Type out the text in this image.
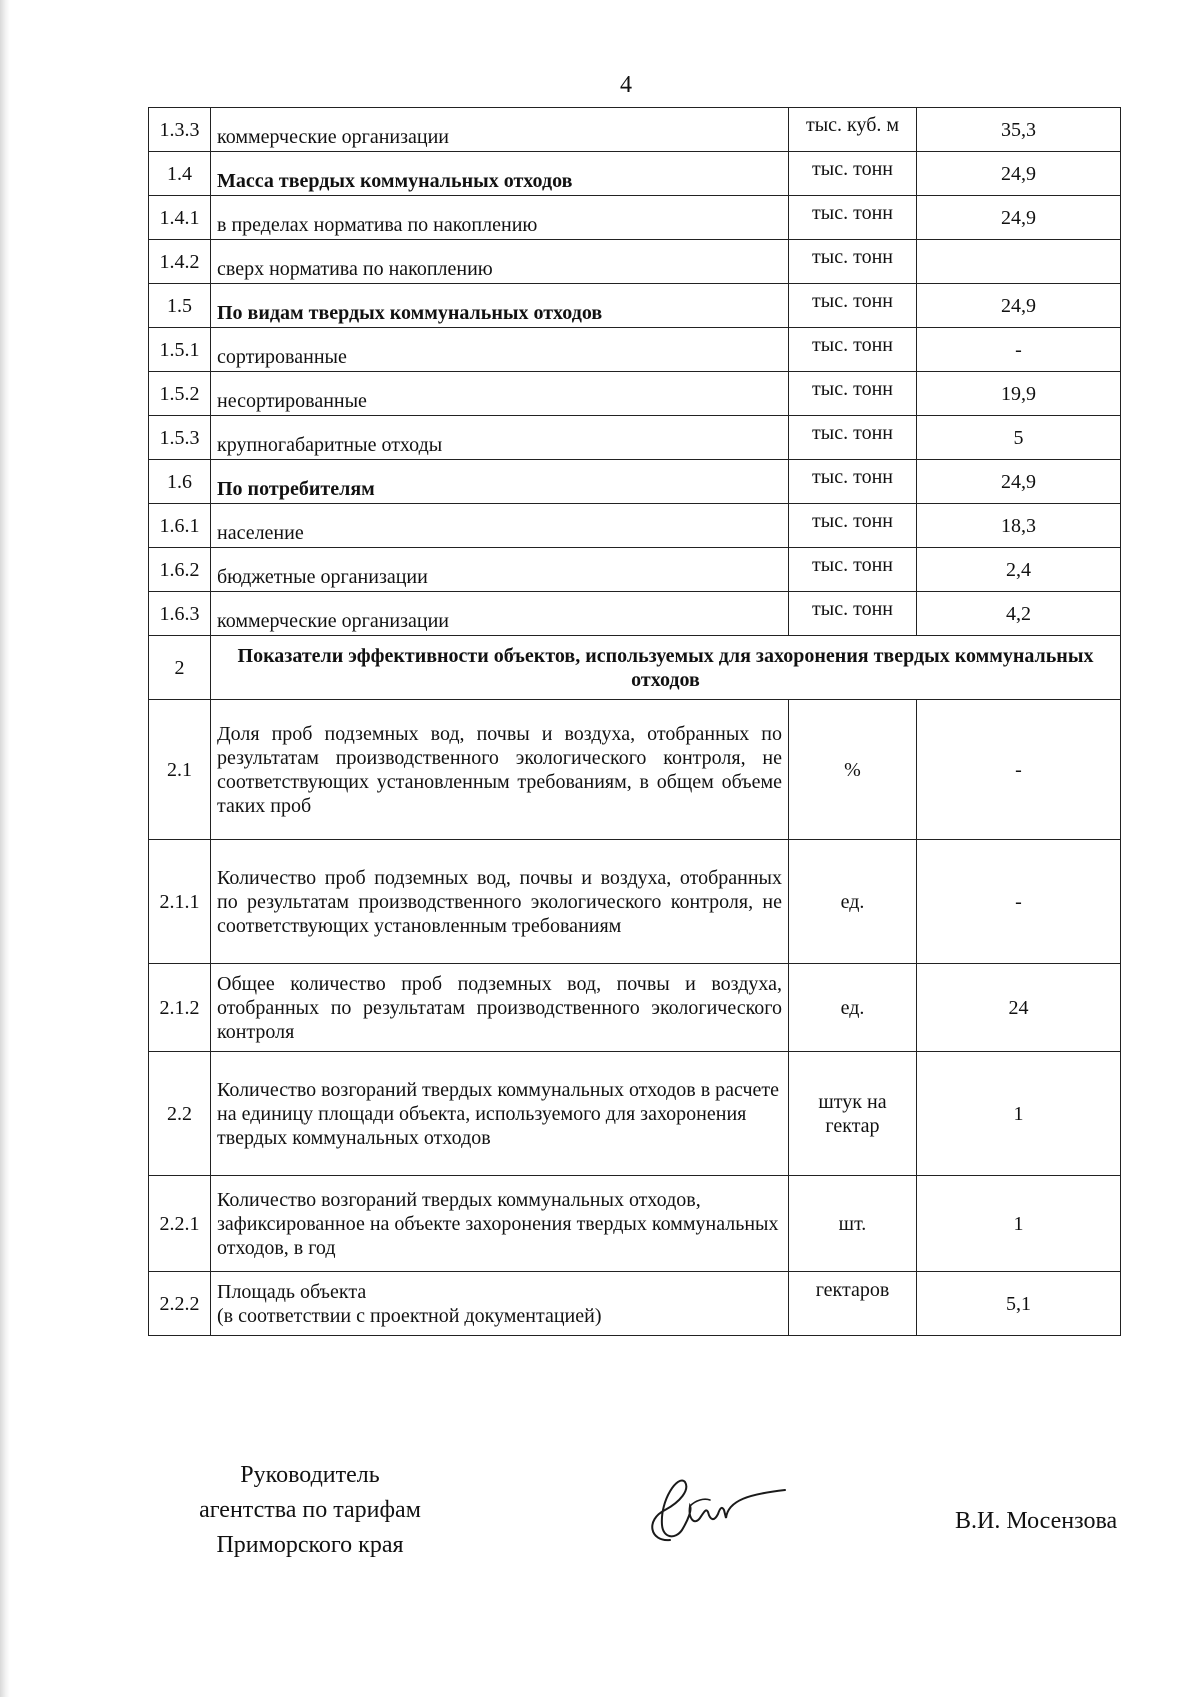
4
1.3.3	коммерческие организации	тыс. куб. м	35,3
1.4	Масса твердых коммунальных отходов	тыс. тонн	24,9
1.4.1	в пределах норматива по накоплению	тыс. тонн	24,9
1.4.2	сверх норматива по накоплению	тыс. тонн	
1.5	По видам твердых коммунальных отходов	тыс. тонн	24,9
1.5.1	сортированные	тыс. тонн	-
1.5.2	несортированные	тыс. тонн	19,9
1.5.3	крупногабаритные отходы	тыс. тонн	5
1.6	По потребителям	тыс. тонн	24,9
1.6.1	население	тыс. тонн	18,3
1.6.2	бюджетные организации	тыс. тонн	2,4
1.6.3	коммерческие организации	тыс. тонн	4,2
2	Показатели эффективности объектов, используемых для захоронения твердых коммунальных отходов		
2.1	Доля проб подземных вод, почвы и воздуха, отобранных по результатам производственного экологического контроля, не соответствующих установленным требованиям, в общем объеме таких проб	%	-
2.1.1	Количество проб подземных вод, почвы и воздуха, отобранных по результатам производственного экологического контроля, не соответствующих установленным требованиям	ед.	-
2.1.2	Общее количество проб подземных вод, почвы и воздуха, отобранных по результатам производственного экологического контроля	ед.	24
2.2	Количество возгораний твердых коммунальных отходов в расчете на единицу площади объекта, используемого для захоронения твердых коммунальных отходов	штук на гектар	1
2.2.1	Количество возгораний твердых коммунальных отходов, зафиксированное на объекте захоронения твердых коммунальных отходов, в год	шт.	1
2.2.2	Площадь объекта
(в соответствии с проектной документацией)	гектаров	5,1
Руководитель
агентства по тарифам
Приморского края
В.И. Мосензова
